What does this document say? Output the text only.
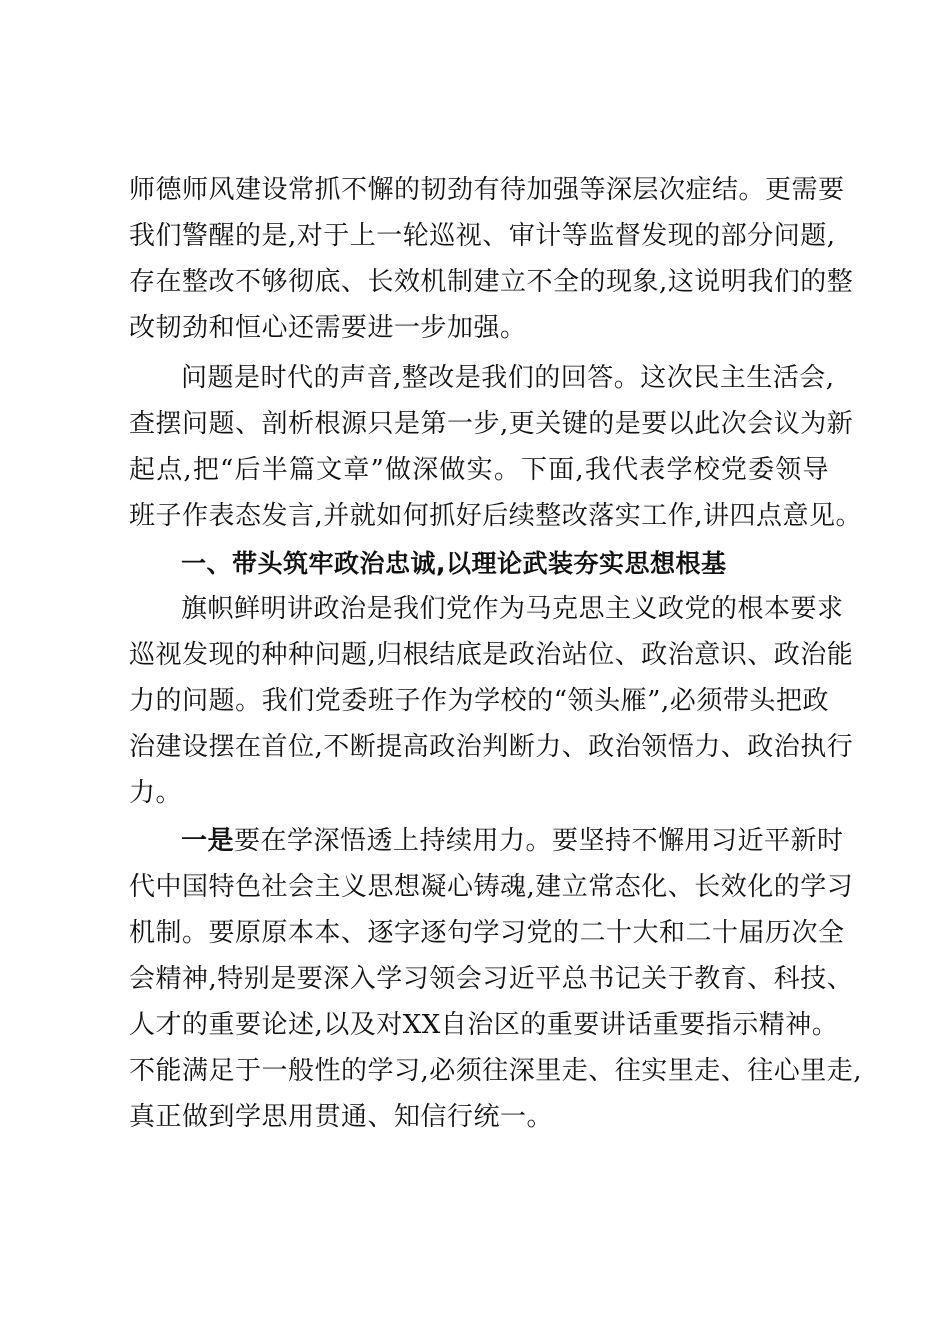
师德师风建设常抓不懈的韧劲有待加强等深层次症结。更需要
我们警醒的是,对于上一轮巡视、审计等监督发现的部分问题,
存在整改不够彻底、长效机制建立不全的现象,这说明我们的整
改韧劲和恒心还需要进一步加强。
问题是时代的声音,整改是我们的回答。这次民主生活会,
查摆问题、剖析根源只是第一步,更关键的是要以此次会议为新
起点,把“后半篇文章”做深做实。下面,我代表学校党委领导
班子作表态发言,并就如何抓好后续整改落实工作,讲四点意见。
一、带头筑牢政治忠诚,以理论武装夯实思想根基
旗帜鲜明讲政治是我们党作为马克思主义政党的根本要求
巡视发现的种种问题,归根结底是政治站位、政治意识、政治能
力的问题。我们党委班子作为学校的“领头雁”,必须带头把政
治建设摆在首位,不断提高政治判断力、政治领悟力、政治执行
力。
一是要在学深悟透上持续用力。要坚持不懈用习近平新时
代中国特色社会主义思想凝心铸魂,建立常态化、长效化的学习
机制。要原原本本、逐字逐句学习党的二十大和二十届历次全
会精神,特别是要深入学习领会习近平总书记关于教育、科技、
人才的重要论述,以及对XX自治区的重要讲话重要指示精神。
不能满足于一般性的学习,必须往深里走、往实里走、往心里走,
真正做到学思用贯通、知信行统一。
